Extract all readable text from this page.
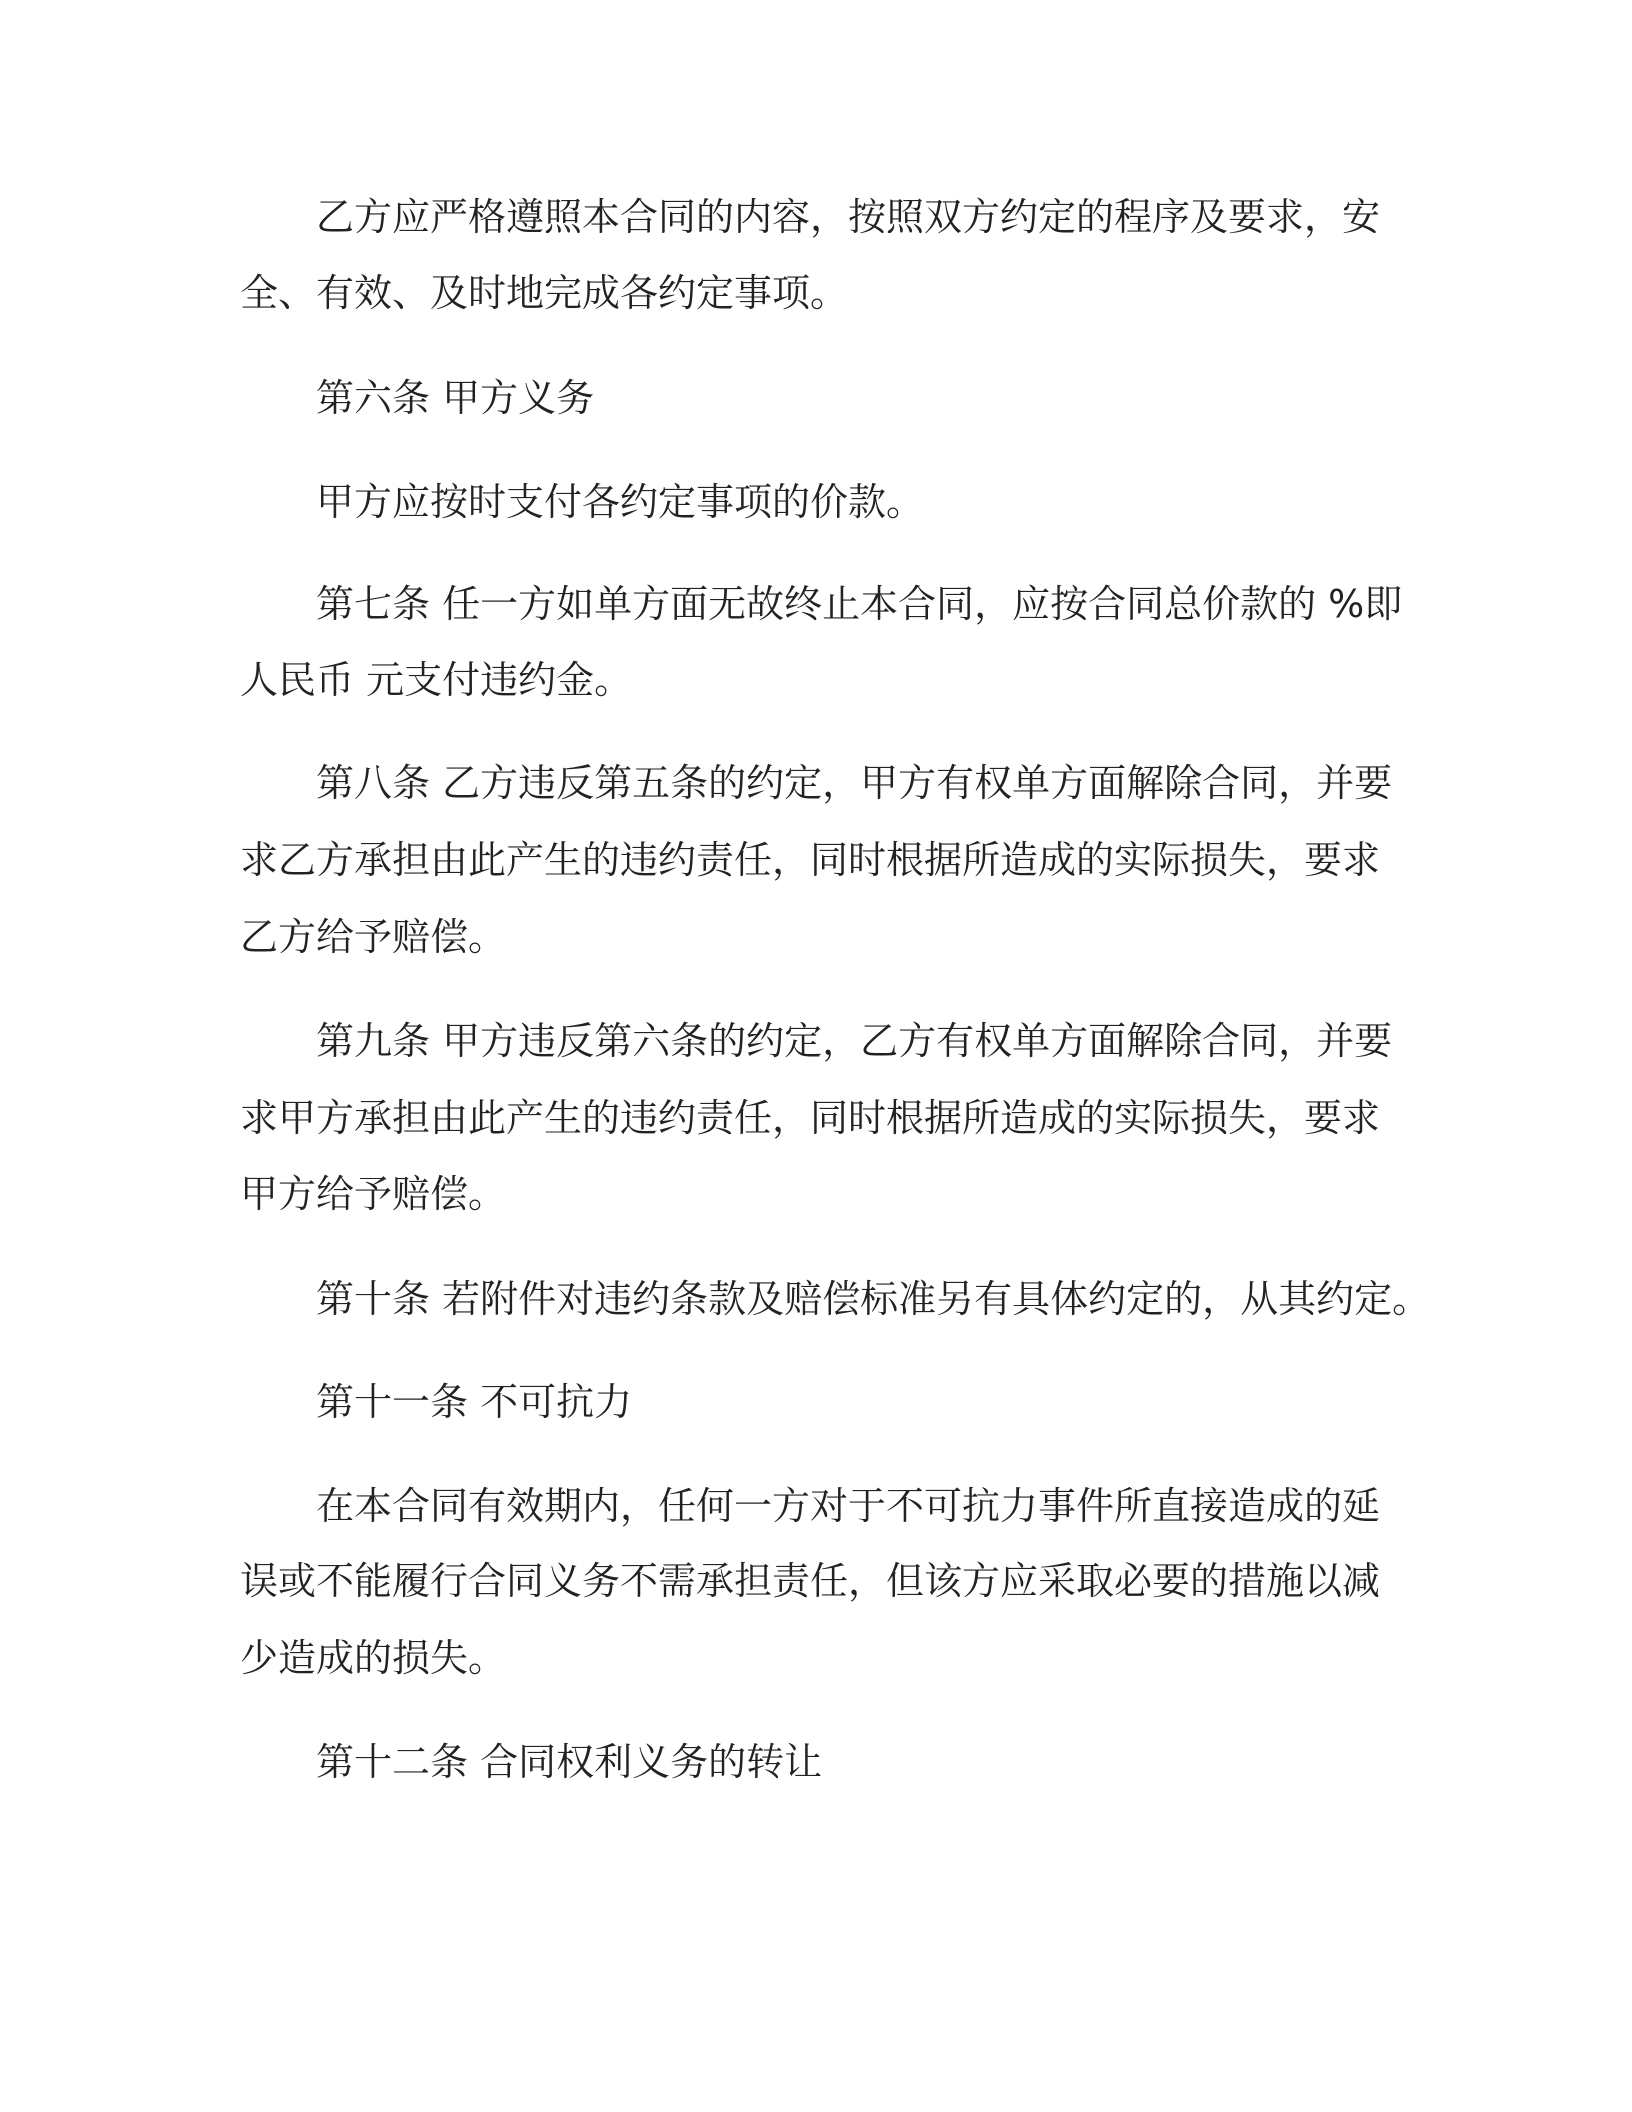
乙方应严格遵照本合同的内容，按照双方约定的程序及要求，安
全、有效、及时地完成各约定事项。
第六条 甲方义务
甲方应按时支付各约定事项的价款。
第七条 任一方如单方面无故终止本合同，应按合同总价款的 %即
人民币 元支付违约金。
第八条 乙方违反第五条的约定，甲方有权单方面解除合同，并要
求乙方承担由此产生的违约责任，同时根据所造成的实际损失，要求
乙方给予赔偿。
第九条 甲方违反第六条的约定，乙方有权单方面解除合同，并要
求甲方承担由此产生的违约责任，同时根据所造成的实际损失，要求
甲方给予赔偿。
第十条 若附件对违约条款及赔偿标准另有具体约定的，从其约定。
第十一条 不可抗力
在本合同有效期内，任何一方对于不可抗力事件所直接造成的延
误或不能履行合同义务不需承担责任，但该方应采取必要的措施以减
少造成的损失。
第十二条 合同权利义务的转让
